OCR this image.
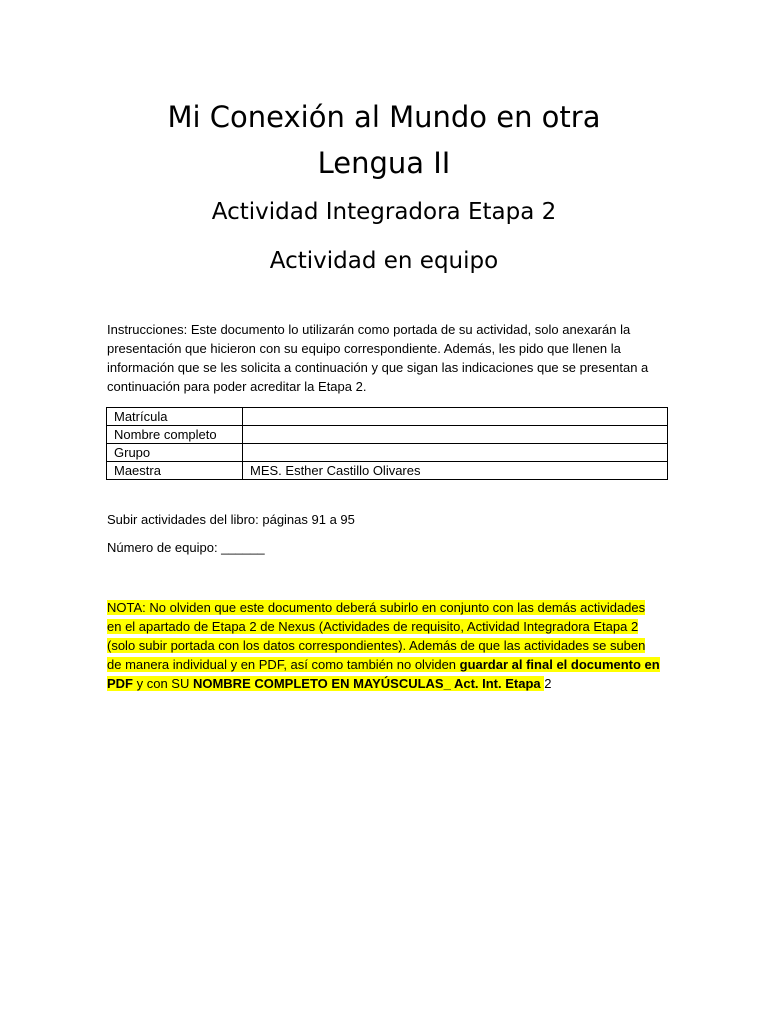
Mi Conexión al Mundo en otra
Lengua II
Actividad Integradora Etapa 2
Actividad en equipo

Instrucciones: Este documento lo utilizarán como portada de su actividad, solo anexarán la presentación que hicieron con su equipo correspondiente. Además, les pido que llenen la información que se les solicita a continuación y que sigan las indicaciones que se presentan a continuación para poder acreditar la Etapa 2.

Matrícula	
Nombre completo	
Grupo	
Maestra	MES. Esther Castillo Olivares

Subir actividades del libro: páginas 91 a 95

Número de equipo: ______

NOTA: No olviden que este documento deberá subirlo en conjunto con las demás actividades en el apartado de Etapa 2 de Nexus (Actividades de requisito, Actividad Integradora Etapa 2 (solo subir portada con los datos correspondientes). Además de que las actividades se suben de manera individual y en PDF, así como también no olviden guardar al final el documento en PDF y con SU NOMBRE COMPLETO EN MAYÚSCULAS_ Act. Int. Etapa 2
